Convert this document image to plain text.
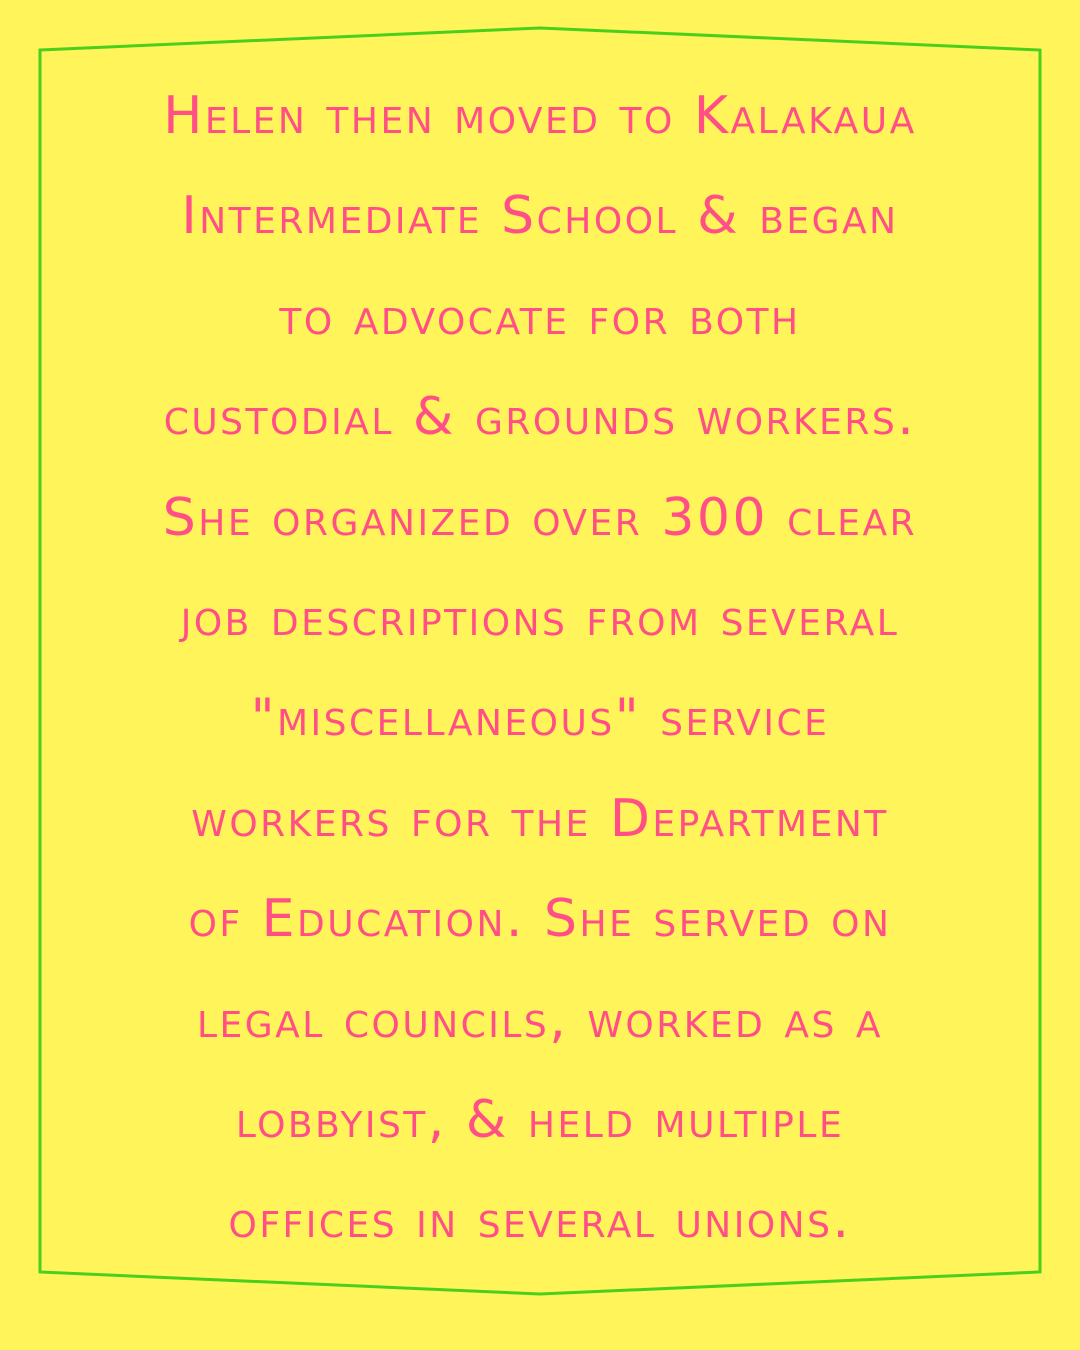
Helen then moved to Kalakaua
Intermediate School & began
to advocate for both
custodial & grounds workers.
She organized over 300 clear
job descriptions from several
"miscellaneous" service
workers for the Department
of Education. She served on
legal councils, worked as a
lobbyist, & held multiple
offices in several unions.
